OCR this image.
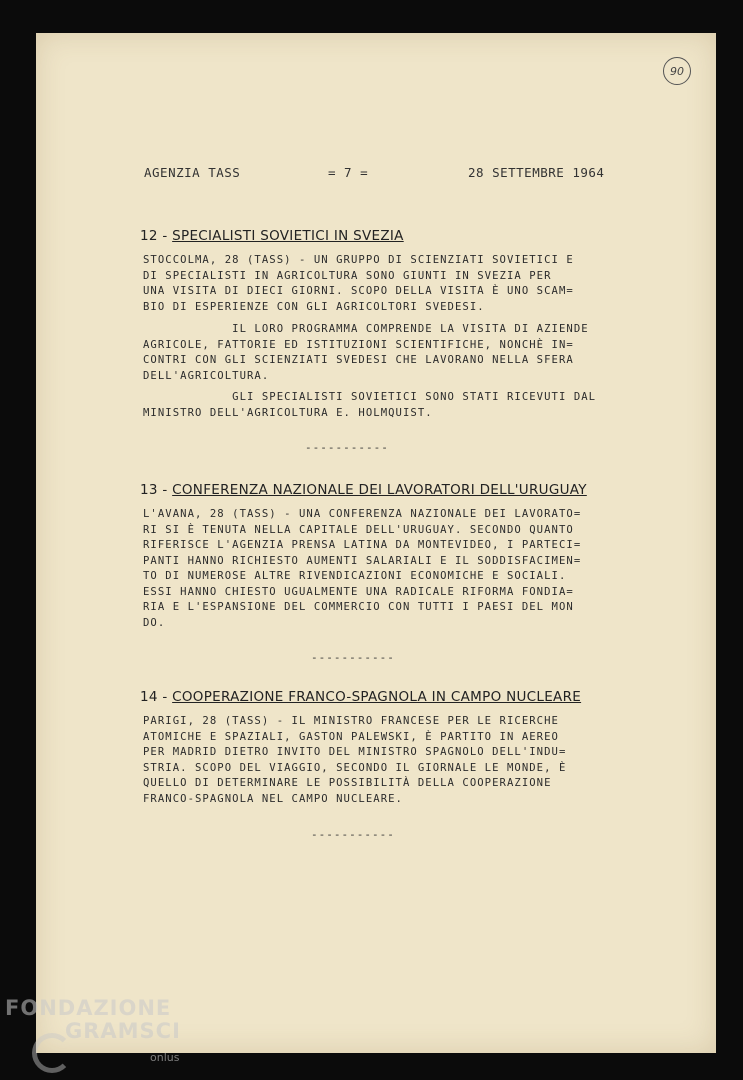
90
AGENZIA TASS	= 7 =	28 SETTEMBRE 1964
12 - SPECIALISTI SOVIETICI IN SVEZIA
STOCCOLMA, 28 (TASS) - UN GRUPPO DI SCIENZIATI SOVIETICI E
DI SPECIALISTI IN AGRICOLTURA SONO GIUNTI IN SVEZIA PER
UNA VISITA DI DIECI GIORNI. SCOPO DELLA VISITA È UNO SCAM=
BIO DI ESPERIENZE CON GLI AGRICOLTORI SVEDESI.
IL LORO PROGRAMMA COMPRENDE LA VISITA DI AZIENDE
AGRICOLE, FATTORIE ED ISTITUZIONI SCIENTIFICHE, NONCHÈ IN=
CONTRI CON GLI SCIENZIATI SVEDESI CHE LAVORANO NELLA SFERA
DELL'AGRICOLTURA.
GLI SPECIALISTI SOVIETICI SONO STATI RICEVUTI DAL
MINISTRO DELL'AGRICOLTURA E. HOLMQUIST.
-----------
13 - CONFERENZA NAZIONALE DEI LAVORATORI DELL'URUGUAY
L'AVANA, 28 (TASS) - UNA CONFERENZA NAZIONALE DEI LAVORATO=
RI SI È TENUTA NELLA CAPITALE DELL'URUGUAY. SECONDO QUANTO
RIFERISCE L'AGENZIA PRENSA LATINA DA MONTEVIDEO, I PARTECI=
PANTI HANNO RICHIESTO AUMENTI SALARIALI E IL SODDISFACIMEN=
TO DI NUMEROSE ALTRE RIVENDICAZIONI ECONOMICHE E SOCIALI.
ESSI HANNO CHIESTO UGUALMENTE UNA RADICALE RIFORMA FONDIA=
RIA E L'ESPANSIONE DEL COMMERCIO CON TUTTI I PAESI DEL MON
DO.
-----------
14 - COOPERAZIONE FRANCO-SPAGNOLA IN CAMPO NUCLEARE
PARIGI, 28 (TASS) - IL MINISTRO FRANCESE PER LE RICERCHE
ATOMICHE E SPAZIALI, GASTON PALEWSKI, È PARTITO IN AEREO
PER MADRID DIETRO INVITO DEL MINISTRO SPAGNOLO DELL'INDU=
STRIA. SCOPO DEL VIAGGIO, SECONDO IL GIORNALE LE MONDE, È
QUELLO DI DETERMINARE LE POSSIBILITÀ DELLA COOPERAZIONE
FRANCO-SPAGNOLA NEL CAMPO NUCLEARE.
-----------
FONDAZIONE
GRAMSCI
onlus
